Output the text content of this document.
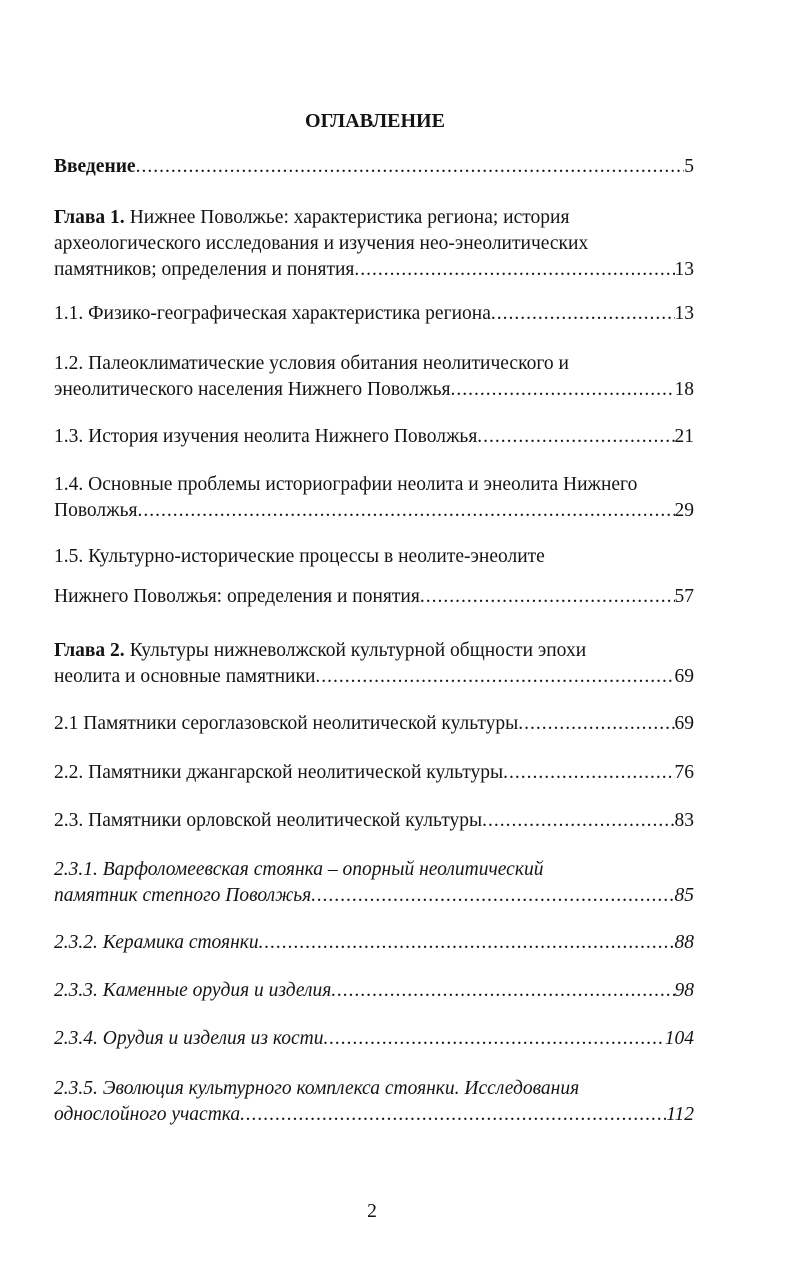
ОГЛАВЛЕНИЕ
Введение .....	5
Глава 1. Нижнее Поволжье: характеристика региона; история
археологического исследования и изучения нео-энеолитических
памятников; определения и понятия .....	13
1.1. Физико-географическая характеристика региона .....	13
1.2. Палеоклиматические условия обитания неолитического и
энеолитического населения Нижнего Поволжья .....	18
1.3. История изучения неолита Нижнего Поволжья .....	21
1.4. Основные проблемы историографии неолита и энеолита Нижнего
Поволжья .....	29
1.5. Культурно-исторические процессы в неолите-энеолите
Нижнего Поволжья: определения и понятия .....	57
Глава 2. Культуры нижневолжской культурной общности эпохи
неолита и основные памятники .....	69
2.1 Памятники сероглазовской неолитической культуры .....	69
2.2. Памятники джангарской неолитической культуры .....	76
2.3. Памятники орловской неолитической культуры .....	83
2.3.1. Варфоломеевская стоянка – опорный неолитический
памятник степного Поволжья .....	85
2.3.2. Керамика стоянки .....	88
2.3.3. Каменные орудия и изделия .....	98
2.3.4. Орудия и изделия из кости .....	104
2.3.5. Эволюция культурного комплекса стоянки. Исследования
однослойного участка .....	112
2
